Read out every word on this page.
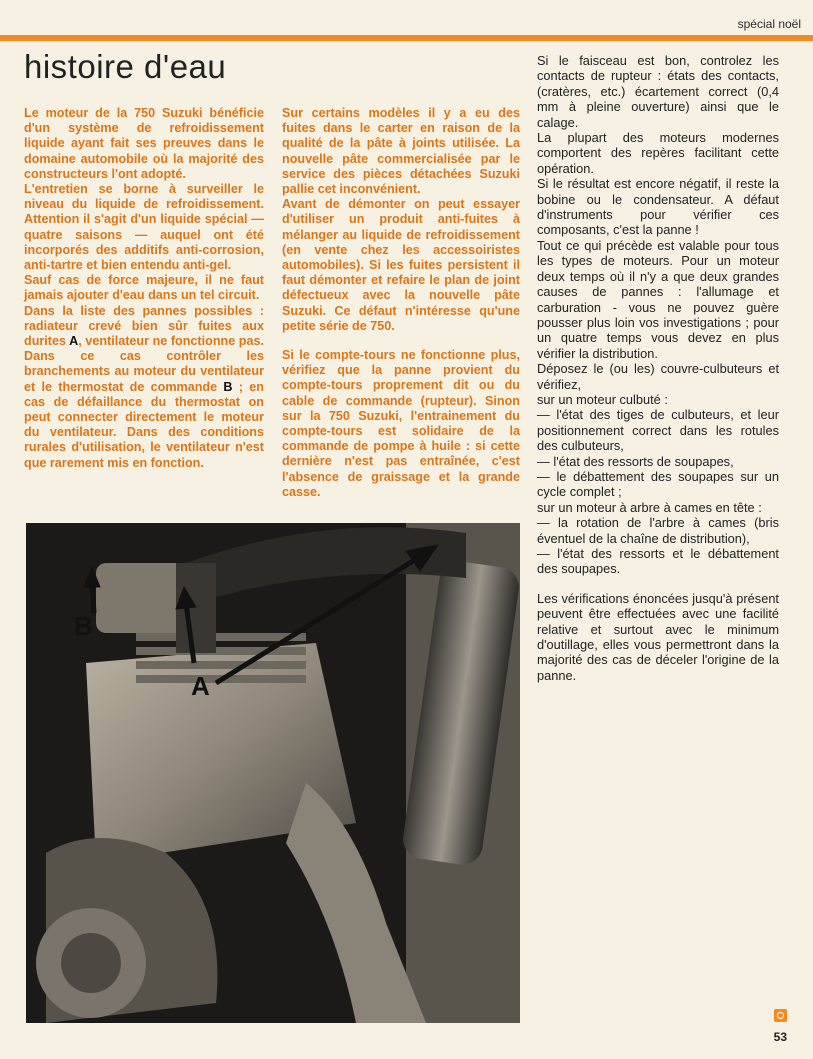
spécial noël
histoire d'eau

Le moteur de la 750 Suzuki bénéficie d'un système de refroidissement liquide ayant fait ses preuves dans le domaine automobile où la majorité des constructeurs l'ont adopté.

L'entretien se borne à surveiller le niveau du liquide de refroidissement. Attention il s'agit d'un liquide spécial — quatre saisons — auquel ont été incorporés des additifs anti-corrosion, anti-tartre et bien entendu anti-gel.

Sauf cas de force majeure, il ne faut jamais ajouter d'eau dans un tel circuit.

Dans la liste des pannes possibles : radiateur crevé bien sûr fuites aux durites A, ventilateur ne fonctionne pas. Dans ce cas contrôler les branchements au moteur du ventilateur et le thermostat de commande B ; en cas de défaillance du thermostat on peut connecter directement le moteur du ventilateur. Dans des conditions rurales d'utilisation, le ventilateur n'est que rarement mis en fonction.

Sur certains modèles il y a eu des fuites dans le carter en raison de la qualité de la pâte à joints utilisée. La nouvelle pâte commercialisée par le service des pièces détachées Suzuki pallie cet inconvénient.

Avant de démonter on peut essayer d'utiliser un produit anti-fuites à mélanger au liquide de refroidissement (en vente chez les accessoiristes automobiles). Si les fuites persistent il faut démonter et refaire le plan de joint défectueux avec la nouvelle pâte Suzuki. Ce défaut n'intéresse qu'une petite série de 750.

Si le compte-tours ne fonctionne plus, vérifiez que la panne provient du compte-tours proprement dit ou du cable de commande (rupteur). Sinon sur la 750 Suzuki, l'entrainement du compte-tours est solidaire de la commande de pompe à huile : si cette dernière n'est pas entraînée, c'est l'absence de graissage et la grande casse.

Si le faisceau est bon, controlez les contacts de rupteur : états des contacts, (cratères, etc.) écartement correct (0,4 mm à pleine ouverture) ainsi que le calage.

La plupart des moteurs modernes comportent des repères facilitant cette opération.

Si le résultat est encore négatif, il reste la bobine ou le condensateur. A défaut d'instruments pour vérifier ces composants, c'est la panne !

Tout ce qui précède est valable pour tous les types de moteurs. Pour un moteur deux temps où il n'y a que deux grandes causes de pannes : l'allumage et carburation - vous ne pouvez guère pousser plus loin vos investigations ; pour un quatre temps vous devez en plus vérifier la distribution.

Déposez le (ou les) couvre-culbuteurs et vérifiez,

sur un moteur culbuté :

— l'état des tiges de culbuteurs, et leur positionnement correct dans les rotules des culbuteurs,

— l'état des ressorts de soupapes,

— le débattement des soupapes sur un cycle complet ;

sur un moteur à arbre à cames en tête :

— la rotation de l'arbre à cames (bris éventuel de la chaîne de distribution),

— l'état des ressorts et le débattement des soupapes.

Les vérifications énoncées jusqu'à présent peuvent être effectuées avec une facilité relative et surtout avec le minimum d'outillage, elles vous permettront dans la majorité des cas de déceler l'origine de la panne.

A
B
53
